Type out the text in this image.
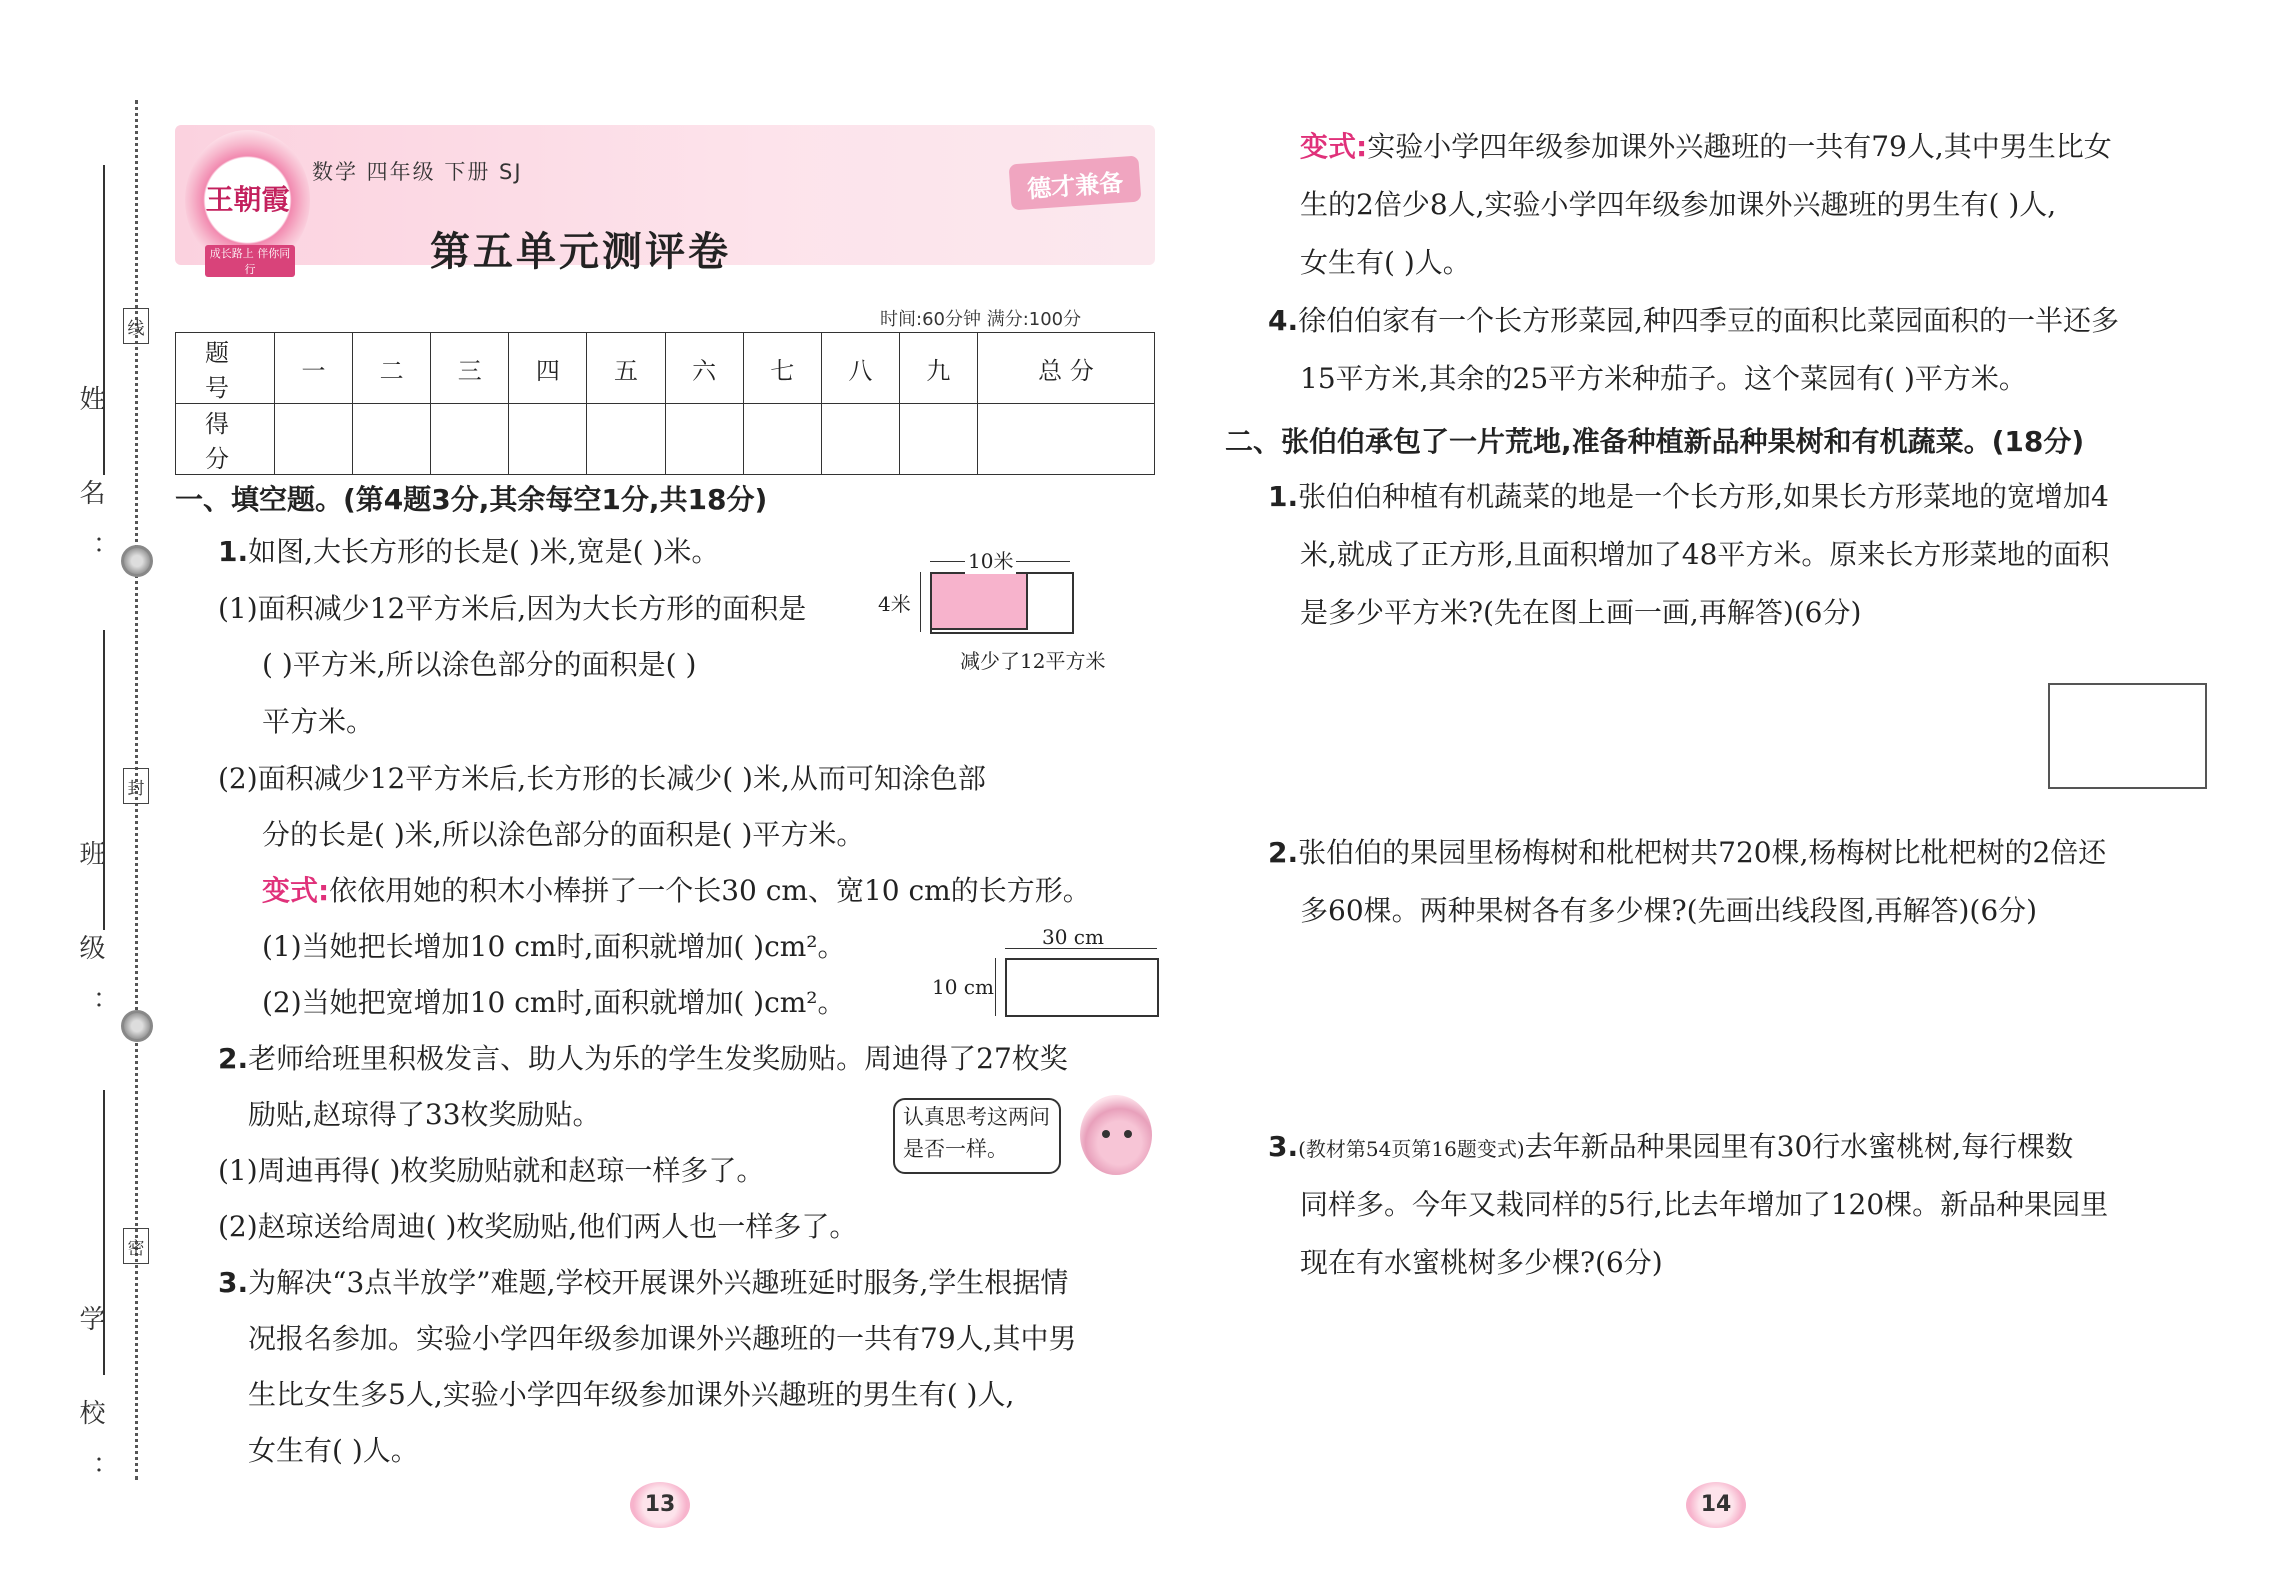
姓 名：
班 级：
学 校：
线
封
密
王朝霞
成长路上 伴你同行
数学 四年级 下册 SJ
第五单元测评卷
德才兼备
时间:60分钟 满分:100分
题 号	一	二	三	四	五	六	七	八	九	总 分
得 分										
一、填空题。(第4题3分,其余每空1分,共18分)
1.如图,大长方形的长是( )米,宽是( )米。
(1)面积减少12平方米后,因为大长方形的面积是
( )平方米,所以涂色部分的面积是( )
平方米。
(2)面积减少12平方米后,长方形的长减少( )米,从而可知涂色部
分的长是( )米,所以涂色部分的面积是( )平方米。
变式:依依用她的积木小棒拼了一个长30 cm、宽10 cm的长方形。
(1)当她把长增加10 cm时,面积就增加( )cm²。
(2)当她把宽增加10 cm时,面积就增加( )cm²。
10米
4米
减少了12平方米
30 cm
10 cm
2.老师给班里积极发言、助人为乐的学生发奖励贴。周迪得了27枚奖
励贴,赵琼得了33枚奖励贴。	认真思考这两问是否一样。
(1)周迪再得( )枚奖励贴就和赵琼一样多了。
(2)赵琼送给周迪( )枚奖励贴,他们两人也一样多了。
3.为解决“3点半放学”难题,学校开展课外兴趣班延时服务,学生根据情
况报名参加。实验小学四年级参加课外兴趣班的一共有79人,其中男
生比女生多5人,实验小学四年级参加课外兴趣班的男生有( )人,
女生有( )人。
13
变式:实验小学四年级参加课外兴趣班的一共有79人,其中男生比女
生的2倍少8人,实验小学四年级参加课外兴趣班的男生有( )人,
女生有( )人。
4.徐伯伯家有一个长方形菜园,种四季豆的面积比菜园面积的一半还多
15平方米,其余的25平方米种茄子。这个菜园有( )平方米。
二、张伯伯承包了一片荒地,准备种植新品种果树和有机蔬菜。(18分)
1.张伯伯种植有机蔬菜的地是一个长方形,如果长方形菜地的宽增加4
米,就成了正方形,且面积增加了48平方米。原来长方形菜地的面积
是多少平方米?(先在图上画一画,再解答)(6分)
2.张伯伯的果园里杨梅树和枇杷树共720棵,杨梅树比枇杷树的2倍还
多60棵。两种果树各有多少棵?(先画出线段图,再解答)(6分)
3.(教材第54页第16题变式)去年新品种果园里有30行水蜜桃树,每行棵数
同样多。今年又栽同样的5行,比去年增加了120棵。新品种果园里
现在有水蜜桃树多少棵?(6分)
14
